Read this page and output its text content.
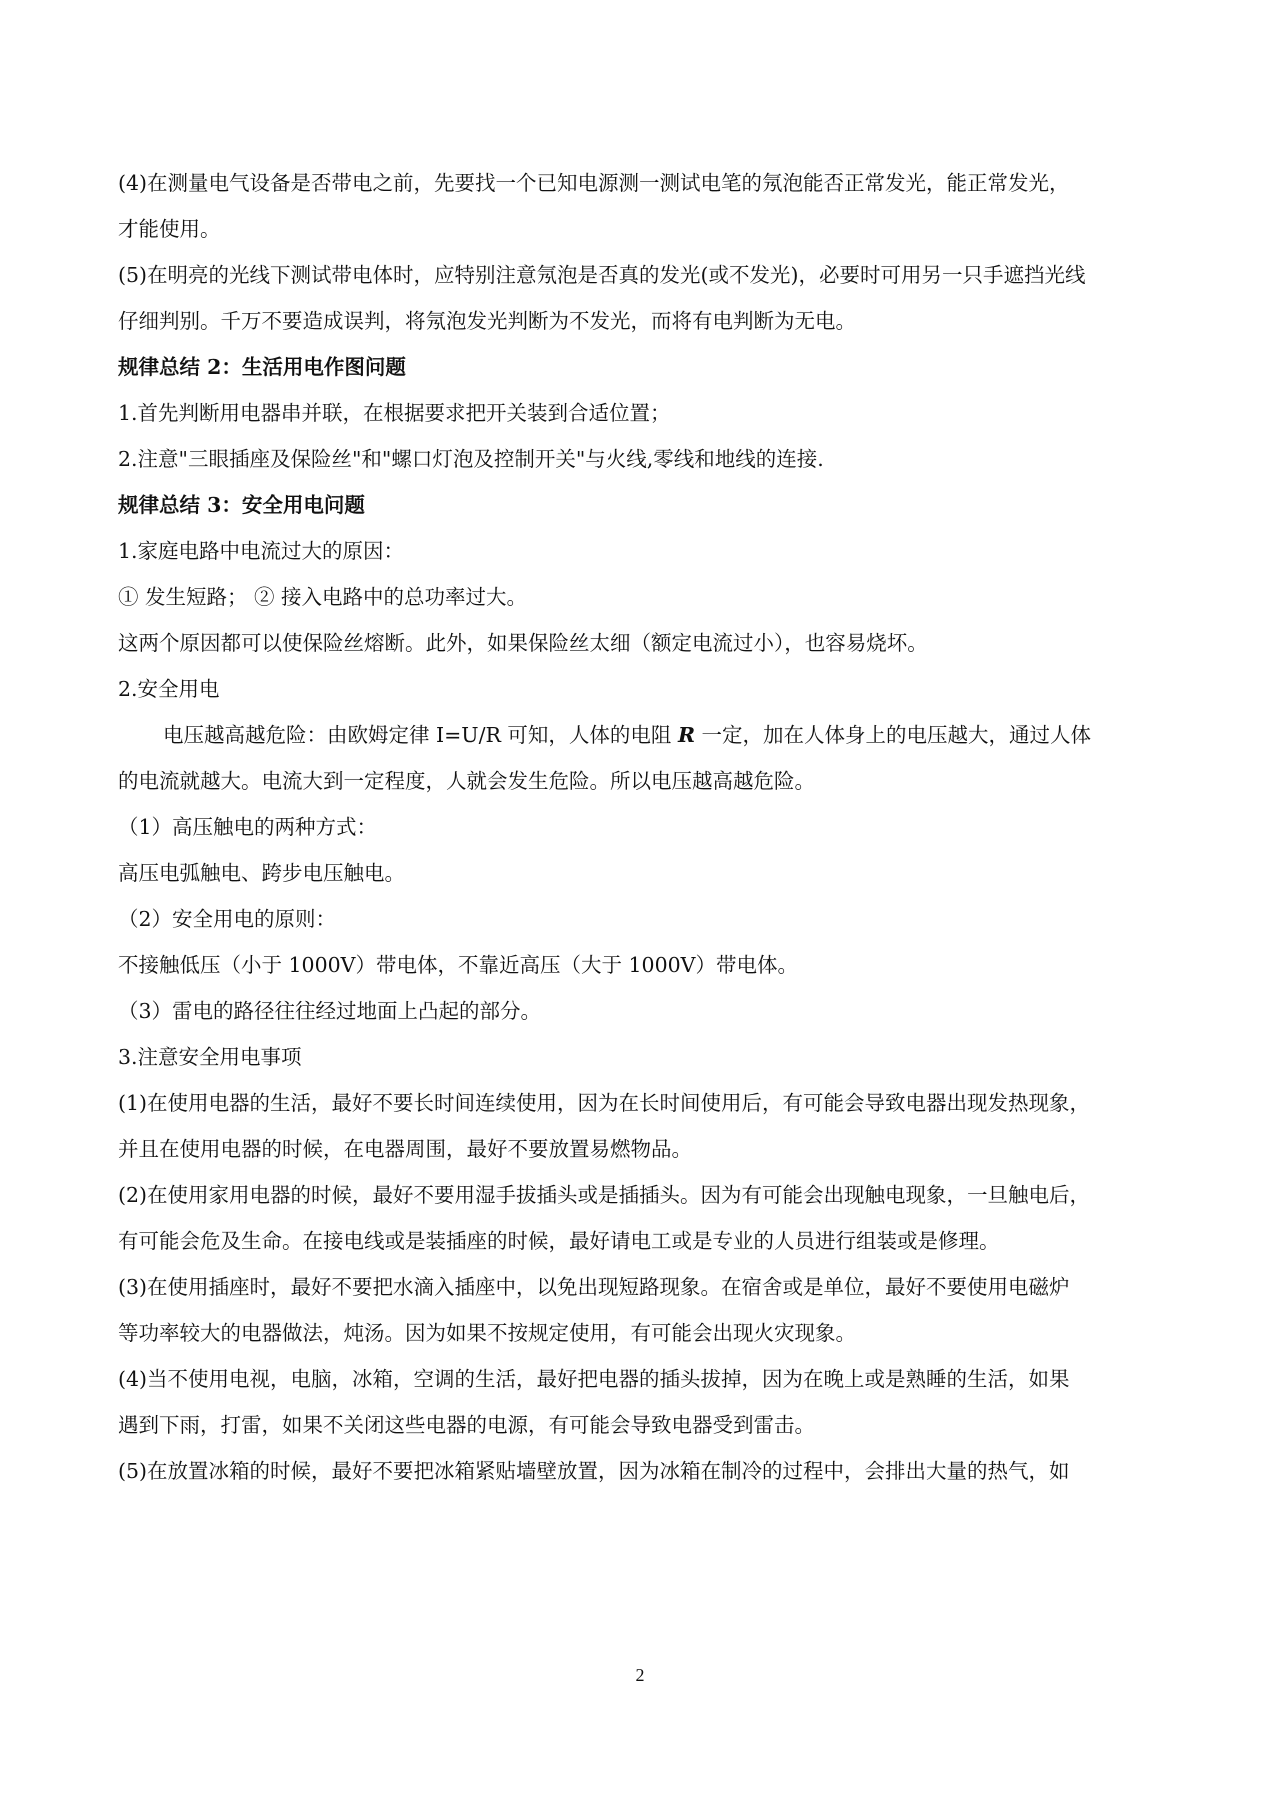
(4)在测量电气设备是否带电之前，先要找一个已知电源测一测试电笔的氖泡能否正常发光，能正常发光，

才能使用。

(5)在明亮的光线下测试带电体时，应特别注意氖泡是否真的发光(或不发光)，必要时可用另一只手遮挡光线

仔细判别。千万不要造成误判，将氖泡发光判断为不发光，而将有电判断为无电。

规律总结 2：生活用电作图问题

1.首先判断用电器串并联，在根据要求把开关装到合适位置；

2.注意"三眼插座及保险丝"和"螺口灯泡及控制开关"与火线,零线和地线的连接.

规律总结 3：安全用电问题

1.家庭电路中电流过大的原因：

① 发生短路； ② 接入电路中的总功率过大。

这两个原因都可以使保险丝熔断。此外，如果保险丝太细（额定电流过小），也容易烧坏。

2.安全用电

电压越高越危险：由欧姆定律 I=U/R 可知，人体的电阻 R 一定，加在人体身上的电压越大，通过人体

的电流就越大。电流大到一定程度，人就会发生危险。所以电压越高越危险。

（1）高压触电的两种方式：

高压电弧触电、跨步电压触电。

（2）安全用电的原则：

不接触低压（小于 1000V）带电体，不靠近高压（大于 1000V）带电体。

（3）雷电的路径往往经过地面上凸起的部分。

3.注意安全用电事项

(1)在使用电器的生活，最好不要长时间连续使用，因为在长时间使用后，有可能会导致电器出现发热现象，

并且在使用电器的时候，在电器周围，最好不要放置易燃物品。

(2)在使用家用电器的时候，最好不要用湿手拔插头或是插插头。因为有可能会出现触电现象，一旦触电后，

有可能会危及生命。在接电线或是装插座的时候，最好请电工或是专业的人员进行组装或是修理。

(3)在使用插座时，最好不要把水滴入插座中，以免出现短路现象。在宿舍或是单位，最好不要使用电磁炉

等功率较大的电器做法，炖汤。因为如果不按规定使用，有可能会出现火灾现象。

(4)当不使用电视，电脑，冰箱，空调的生活，最好把电器的插头拔掉，因为在晚上或是熟睡的生活，如果

遇到下雨，打雷，如果不关闭这些电器的电源，有可能会导致电器受到雷击。

(5)在放置冰箱的时候，最好不要把冰箱紧贴墙壁放置，因为冰箱在制冷的过程中，会排出大量的热气，如

2
